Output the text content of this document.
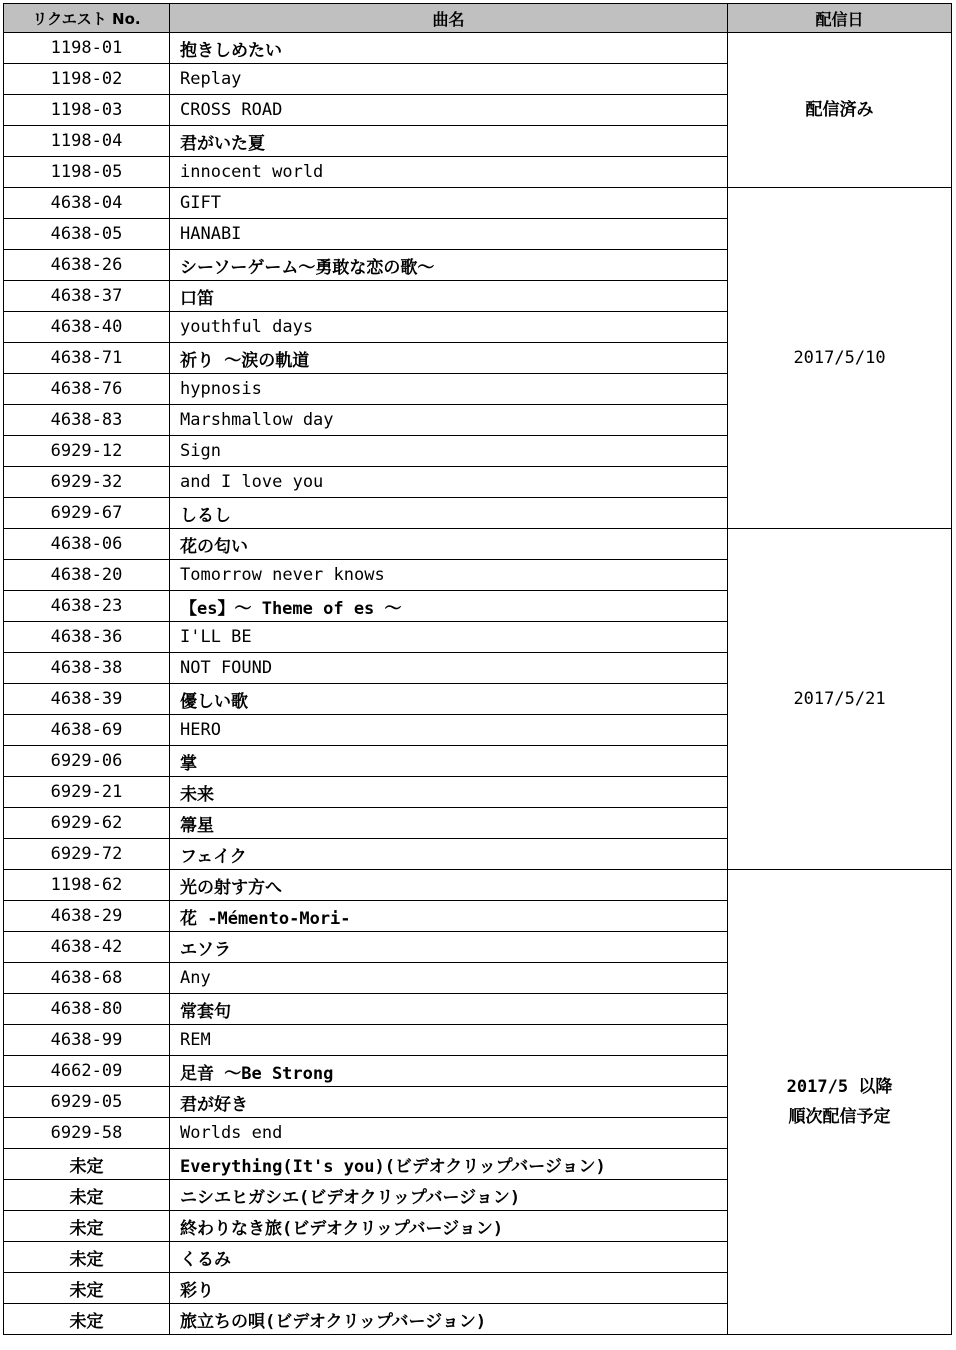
リクエスト No.	曲名	配信日
1198-01	抱きしめたい	配信済み

1198-02	Replay	
1198-03	CROSS ROAD	
1198-04	君がいた夏	
1198-05	innocent world	
4638-04	GIFT	2017/5/10

4638-05	HANABI	
4638-26	シーソーゲーム～勇敢な恋の歌～	
4638-37	口笛	
4638-40	youthful days	
4638-71	祈り ～涙の軌道	
4638-76	hypnosis	
4638-83	Marshmallow day	
6929-12	Sign	
6929-32	and I love you	
6929-67	しるし	
4638-06	花の匂い	2017/5/21

4638-20	Tomorrow never knows	
4638-23	【es】～ Theme of es ～	
4638-36	I'LL BE	
4638-38	NOT FOUND	
4638-39	優しい歌	
4638-69	HERO	
6929-06	掌	
6929-21	未来	
6929-62	箒星	
6929-72	フェイク	
1198-62	光の射す方へ	2017/5 以降
順次配信予定

4638-29	花 -Mémento-Mori-	
4638-42	エソラ	
4638-68	Any	
4638-80	常套句	
4638-99	REM	
4662-09	足音 ～Be Strong	
6929-05	君が好き	
6929-58	Worlds end	
未定	Everything(It's you)(ビデオクリップバージョン)	
未定	ニシエヒガシエ(ビデオクリップバージョン)	
未定	終わりなき旅(ビデオクリップバージョン)	
未定	くるみ	
未定	彩り	
未定	旅立ちの唄(ビデオクリップバージョン)	
